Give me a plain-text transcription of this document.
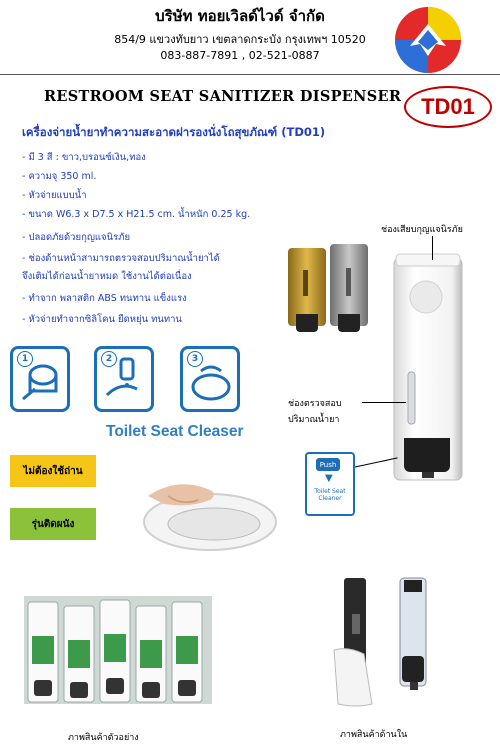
บริษัท ทอยเวิลด์ไวด์ จำกัด
854/9 แขวงทับยาว เขตลาดกระบัง กรุงเทพฯ 10520
083-887-7891 , 02-521-0887
RESTROOM SEAT SANITIZER DISPENSER TD01
เครื่องจ่ายน้ำยาทำความสะอาดฝารองนั่งโถสุขภัณฑ์ (TD01)
- มี 3 สี : ขาว,บรอนซ์เงิน,ทอง
- ความจุ 350 ml.
- หัวจ่ายแบบน้ำ
- ขนาด W6.3 x D7.5 x H21.5 cm. น้ำหนัก 0.25 kg.
- ปลอดภัยด้วยกุญแจนิรภัย
- ช่องด้านหน้าสามารถตรวจสอบปริมาณน้ำยาได้
จึงเติมได้ก่อนน้ำยาหมด ใช้งานได้ต่อเนื่อง
- ทำจาก พลาสติก ABS ทนทาน แข็งแรง
- หัวจ่ายทำจากซิลิโคน ยืดหยุ่น ทนทาน
ช่องเสียบกุญแจนิรภัย
ช่องตรวจสอบ
ปริมาณน้ำยา
1	2	3
Toilet Seat Cleaser
ไม่ต้องใช้ถ่าน
รุ่นติดผนัง
Push
▼
Toilet Seat
Cleaner
ภาพสินค้าตัวอย่าง	ภาพสินค้าด้านใน
